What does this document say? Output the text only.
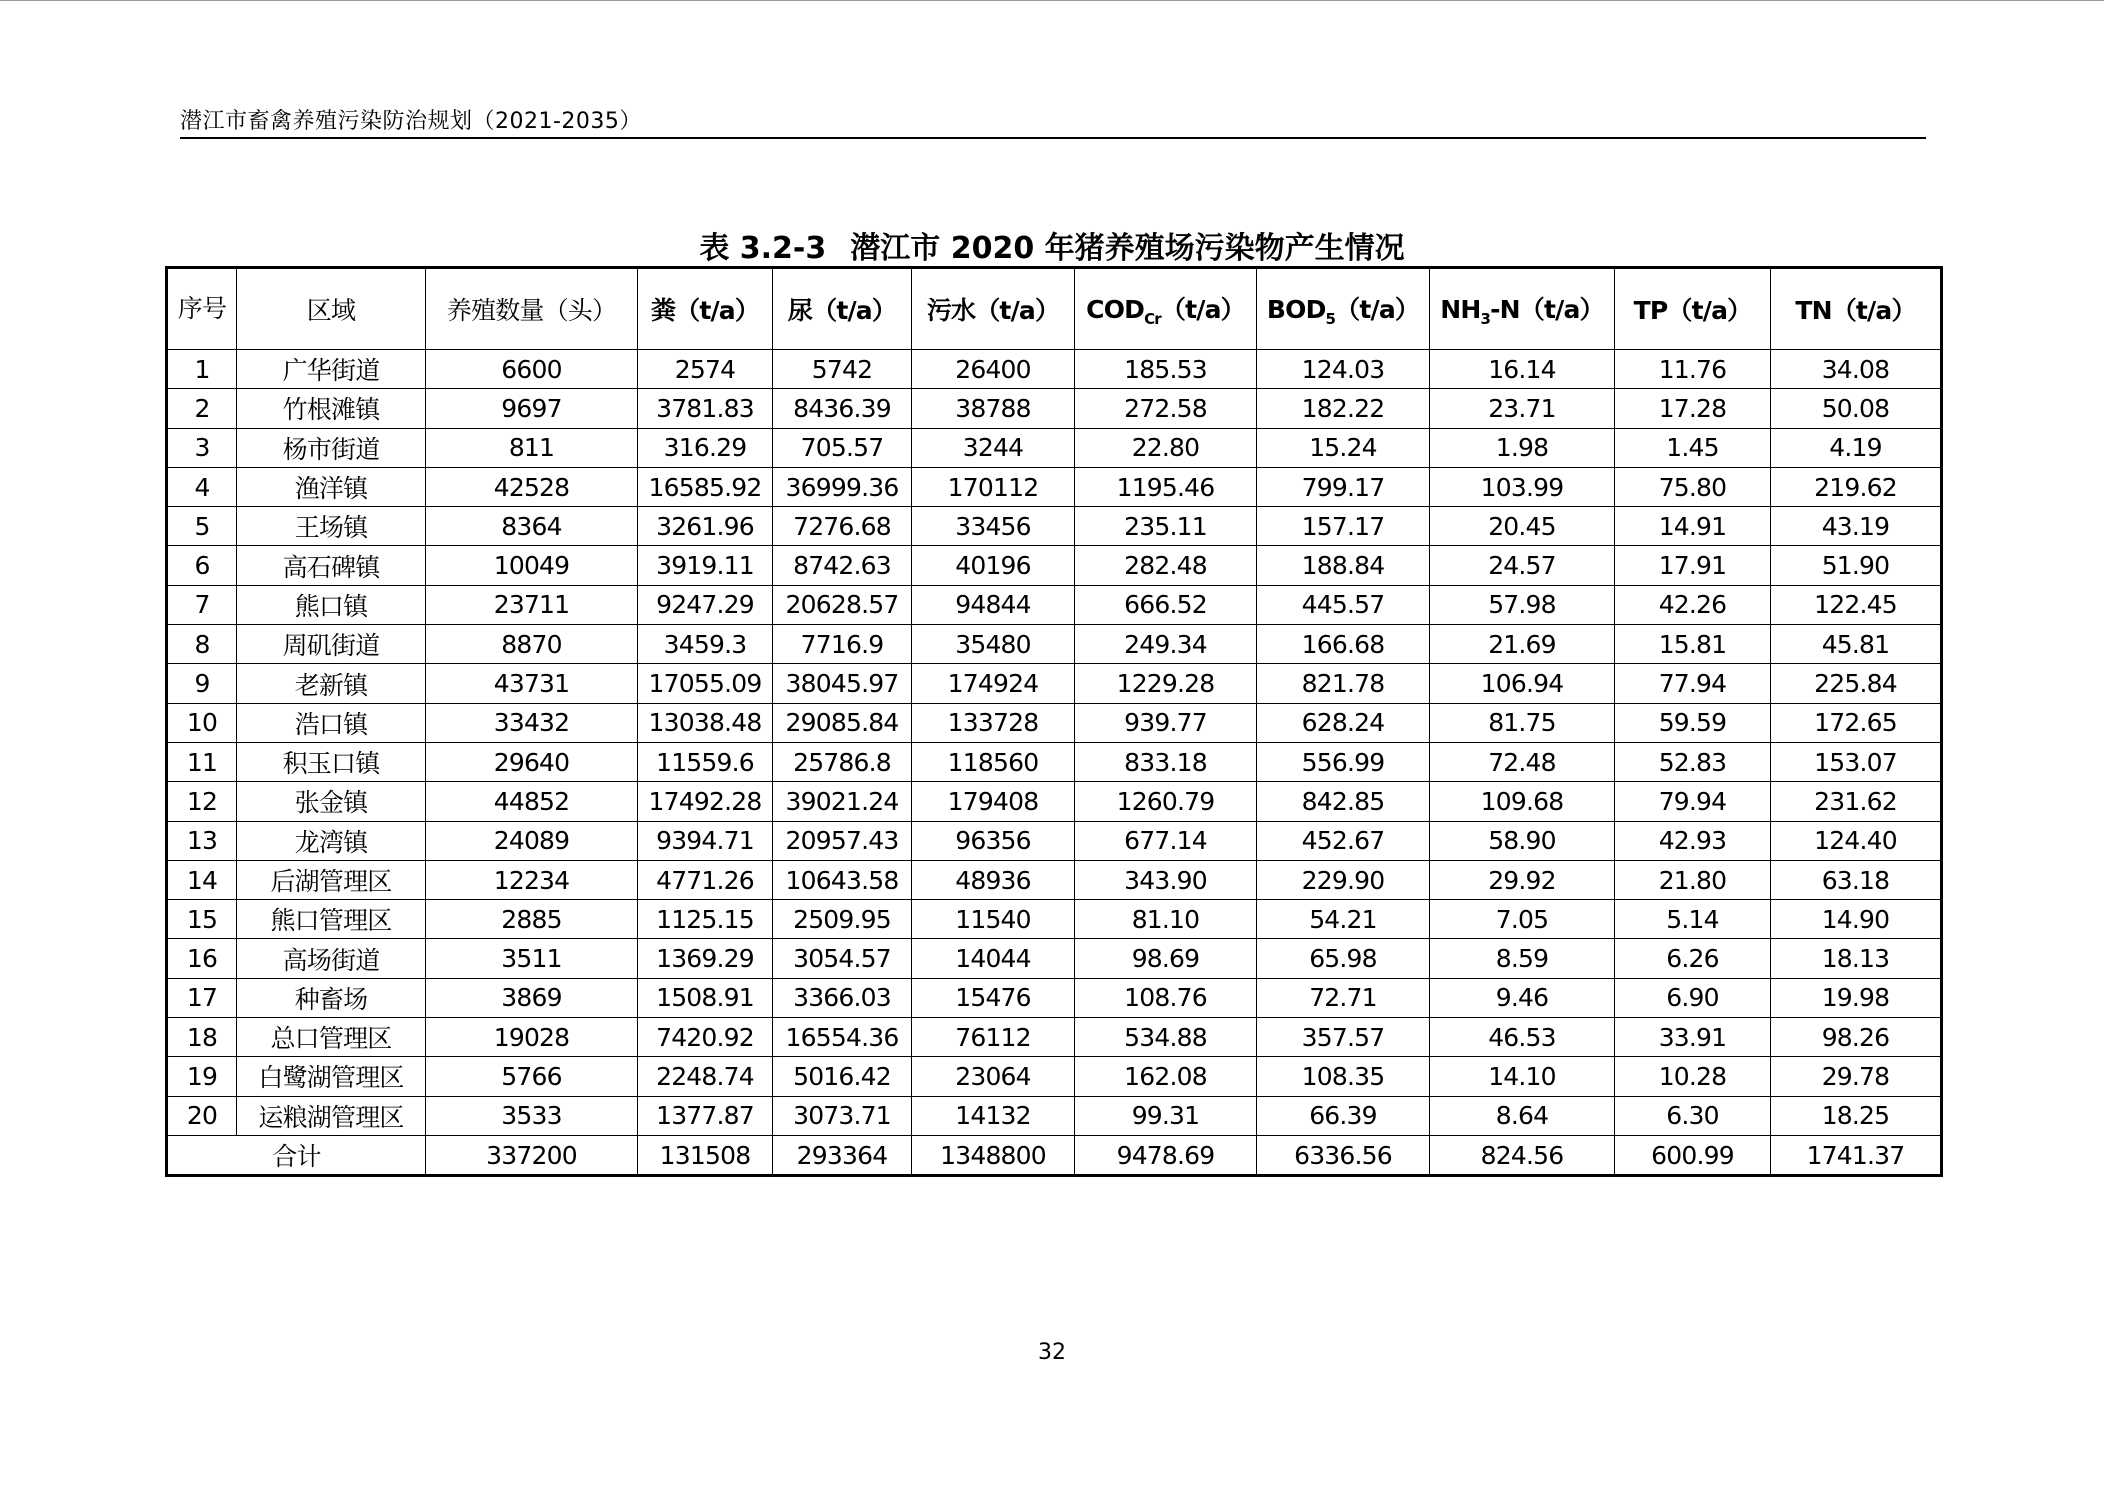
潜江市畜禽养殖污染防治规划（2021-2035）
表 3.2-3 潜江市 2020 年猪养殖场污染物产生情况
序号	区域	养殖数量（头）	粪（t/a）	尿（t/a）	污水（t/a）	$COD_{Cr}(t/a)$	$BOD_5(t/a)$	$NH_3-N(t/a)$	TP（t/a）	TN（t/a）
1	广华街道	6600	2574	5742	26400	185.53	124.03	16.14	11.76	34.08
2	竹根滩镇	9697	3781.83	8436.39	38788	272.58	182.22	23.71	17.28	50.08
3	杨市街道	811	316.29	705.57	3244	22.80	15.24	1.98	1.45	4.19
4	渔洋镇	42528	16585.92	36999.36	170112	1195.46	799.17	103.99	75.80	219.62
5	王场镇	8364	3261.96	7276.68	33456	235.11	157.17	20.45	14.91	43.19
6	高石碑镇	10049	3919.11	8742.63	40196	282.48	188.84	24.57	17.91	51.90
7	熊口镇	23711	9247.29	20628.57	94844	666.52	445.57	57.98	42.26	122.45
8	周矶街道	8870	3459.3	7716.9	35480	249.34	166.68	21.69	15.81	45.81
9	老新镇	43731	17055.09	38045.97	174924	1229.28	821.78	106.94	77.94	225.84
10	浩口镇	33432	13038.48	29085.84	133728	939.77	628.24	81.75	59.59	172.65
11	积玉口镇	29640	11559.6	25786.8	118560	833.18	556.99	72.48	52.83	153.07
12	张金镇	44852	17492.28	39021.24	179408	1260.79	842.85	109.68	79.94	231.62
13	龙湾镇	24089	9394.71	20957.43	96356	677.14	452.67	58.90	42.93	124.40
14	后湖管理区	12234	4771.26	10643.58	48936	343.90	229.90	29.92	21.80	63.18
15	熊口管理区	2885	1125.15	2509.95	11540	81.10	54.21	7.05	5.14	14.90
16	高场街道	3511	1369.29	3054.57	14044	98.69	65.98	8.59	6.26	18.13
17	种畜场	3869	1508.91	3366.03	15476	108.76	72.71	9.46	6.90	19.98
18	总口管理区	19028	7420.92	16554.36	76112	534.88	357.57	46.53	33.91	98.26
19	白鹭湖管理区	5766	2248.74	5016.42	23064	162.08	108.35	14.10	10.28	29.78
20	运粮湖管理区	3533	1377.87	3073.71	14132	99.31	66.39	8.64	6.30	18.25
合计		337200	131508	293364	1348800	9478.69	6336.56	824.56	600.99	1741.37
32
